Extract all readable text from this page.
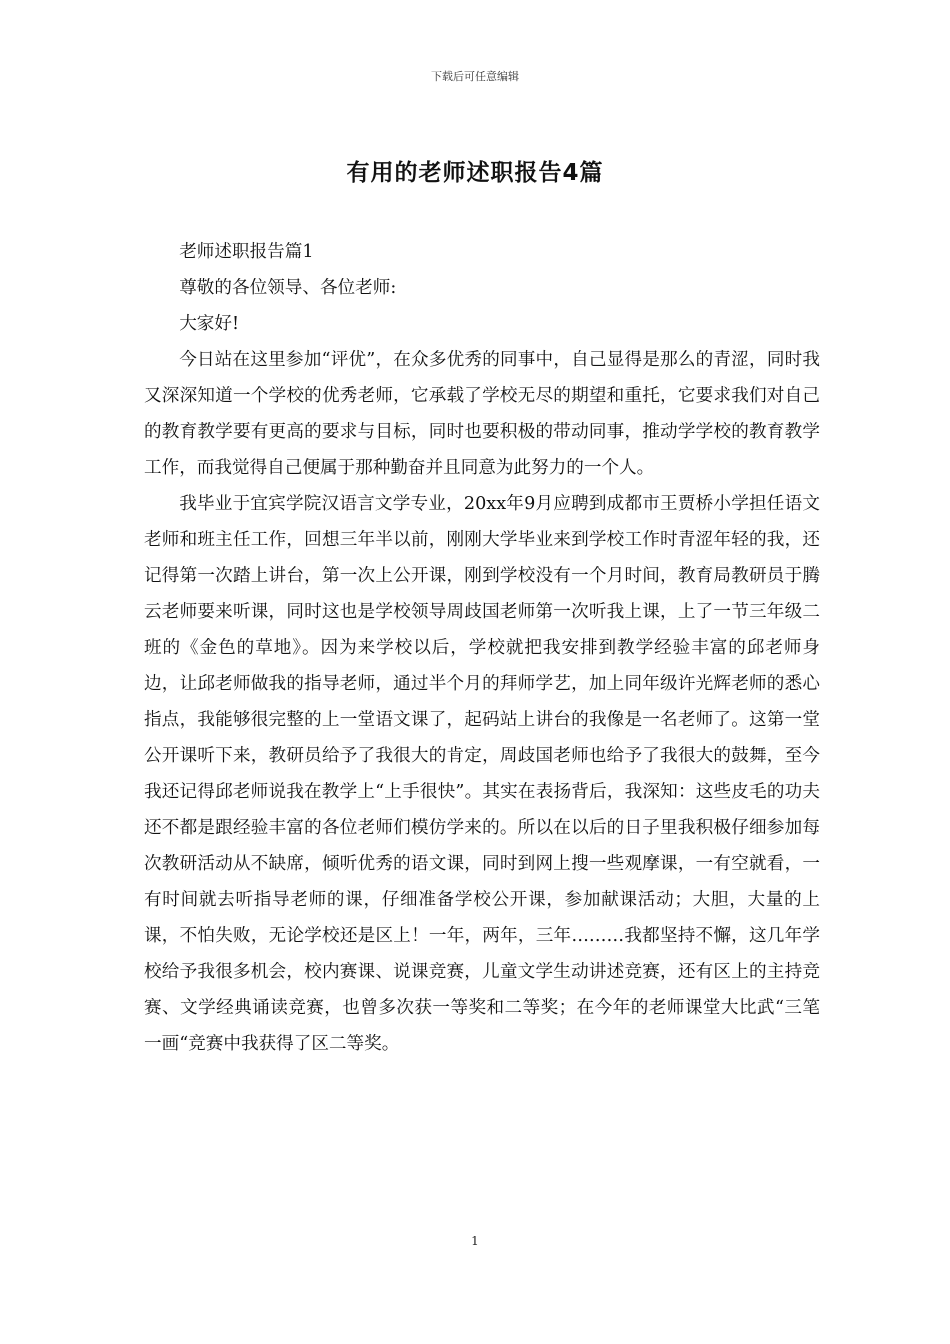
下载后可任意编辑
有用的老师述职报告4篇

老师述职报告篇1

尊敬的各位领导、各位老师:

大家好!

今日站在这里参加“评优”，在众多优秀的同事中，自己显得是那么的青涩，同时我又深深知道一个学校的优秀老师，它承载了学校无尽的期望和重托，它要求我们对自己的教育教学要有更高的要求与目标，同时也要积极的带动同事，推动学学校的教育教学工作，而我觉得自己便属于那种勤奋并且同意为此努力的一个人。

我毕业于宜宾学院汉语言文学专业，20xx年9月应聘到成都市王贾桥小学担任语文老师和班主任工作，回想三年半以前，刚刚大学毕业来到学校工作时青涩年轻的我，还记得第一次踏上讲台，第一次上公开课，刚到学校没有一个月时间，教育局教研员于腾云老师要来听课，同时这也是学校领导周歧国老师第一次听我上课，上了一节三年级二班的《金色的草地》。因为来学校以后，学校就把我安排到教学经验丰富的邱老师身边，让邱老师做我的指导老师，通过半个月的拜师学艺，加上同年级许光辉老师的悉心指点，我能够很完整的上一堂语文课了，起码站上讲台的我像是一名老师了。这第一堂公开课听下来，教研员给予了我很大的肯定，周歧国老师也给予了我很大的鼓舞，至今我还记得邱老师说我在教学上“上手很快”。其实在表扬背后，我深知：这些皮毛的功夫还不都是跟经验丰富的各位老师们模仿学来的。所以在以后的日子里我积极仔细参加每次教研活动从不缺席，倾听优秀的语文课，同时到网上搜一些观摩课，一有空就看，一有时间就去听指导老师的课，仔细准备学校公开课，参加献课活动；大胆，大量的上课，不怕失败，无论学校还是区上！一年，两年，三年………我都坚持不懈，这几年学校给予我很多机会，校内赛课、说课竞赛，儿童文学生动讲述竞赛，还有区上的主持竞赛、文学经典诵读竞赛，也曾多次获一等奖和二等奖；在今年的老师课堂大比武“三笔一画“竞赛中我获得了区二等奖。

1
